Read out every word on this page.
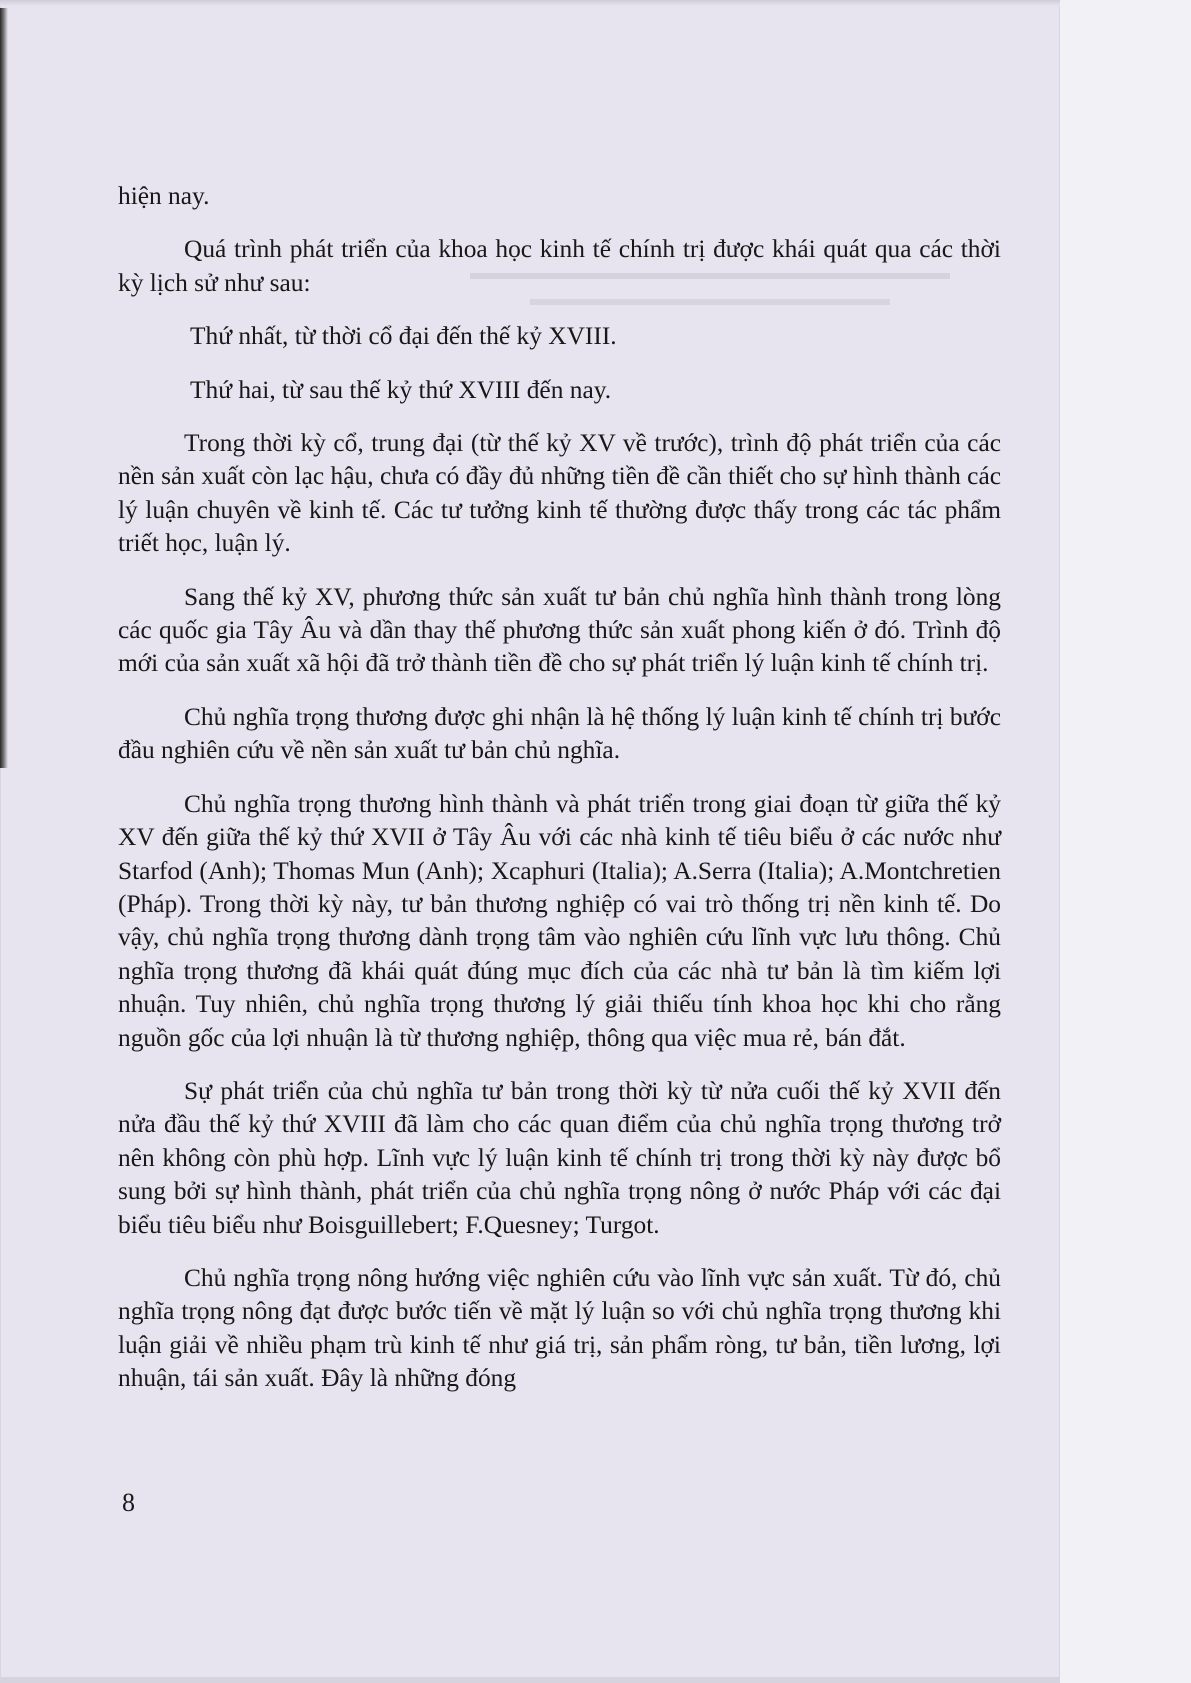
hiện nay.

Quá trình phát triển của khoa học kinh tế chính trị được khái quát qua các thời kỳ lịch sử như sau:

Thứ nhất, từ thời cổ đại đến thế kỷ XVIII.

Thứ hai, từ sau thế kỷ thứ XVIII đến nay.

Trong thời kỳ cổ, trung đại (từ thế kỷ XV về trước), trình độ phát triển của các nền sản xuất còn lạc hậu, chưa có đầy đủ những tiền đề cần thiết cho sự hình thành các lý luận chuyên về kinh tế. Các tư tưởng kinh tế thường được thấy trong các tác phẩm triết học, luận lý.

Sang thế kỷ XV, phương thức sản xuất tư bản chủ nghĩa hình thành trong lòng các quốc gia Tây Âu và dần thay thế phương thức sản xuất phong kiến ở đó. Trình độ mới của sản xuất xã hội đã trở thành tiền đề cho sự phát triển lý luận kinh tế chính trị.

Chủ nghĩa trọng thương được ghi nhận là hệ thống lý luận kinh tế chính trị bước đầu nghiên cứu về nền sản xuất tư bản chủ nghĩa.

Chủ nghĩa trọng thương hình thành và phát triển trong giai đoạn từ giữa thế kỷ XV đến giữa thế kỷ thứ XVII ở Tây Âu với các nhà kinh tế tiêu biểu ở các nước như Starfod (Anh); Thomas Mun (Anh); Xcaphuri (Italia); A.Serra (Italia); A.Montchretien (Pháp). Trong thời kỳ này, tư bản thương nghiệp có vai trò thống trị nền kinh tế. Do vậy, chủ nghĩa trọng thương dành trọng tâm vào nghiên cứu lĩnh vực lưu thông. Chủ nghĩa trọng thương đã khái quát đúng mục đích của các nhà tư bản là tìm kiếm lợi nhuận. Tuy nhiên, chủ nghĩa trọng thương lý giải thiếu tính khoa học khi cho rằng nguồn gốc của lợi nhuận là từ thương nghiệp, thông qua việc mua rẻ, bán đắt.

Sự phát triển của chủ nghĩa tư bản trong thời kỳ từ nửa cuối thế kỷ XVII đến nửa đầu thế kỷ thứ XVIII đã làm cho các quan điểm của chủ nghĩa trọng thương trở nên không còn phù hợp. Lĩnh vực lý luận kinh tế chính trị trong thời kỳ này được bổ sung bởi sự hình thành, phát triển của chủ nghĩa trọng nông ở nước Pháp với các đại biểu tiêu biểu như Boisguillebert; F.Quesney; Turgot.

Chủ nghĩa trọng nông hướng việc nghiên cứu vào lĩnh vực sản xuất. Từ đó, chủ nghĩa trọng nông đạt được bước tiến về mặt lý luận so với chủ nghĩa trọng thương khi luận giải về nhiều phạm trù kinh tế như giá trị, sản phẩm ròng, tư bản, tiền lương, lợi nhuận, tái sản xuất. Đây là những đóng

8
